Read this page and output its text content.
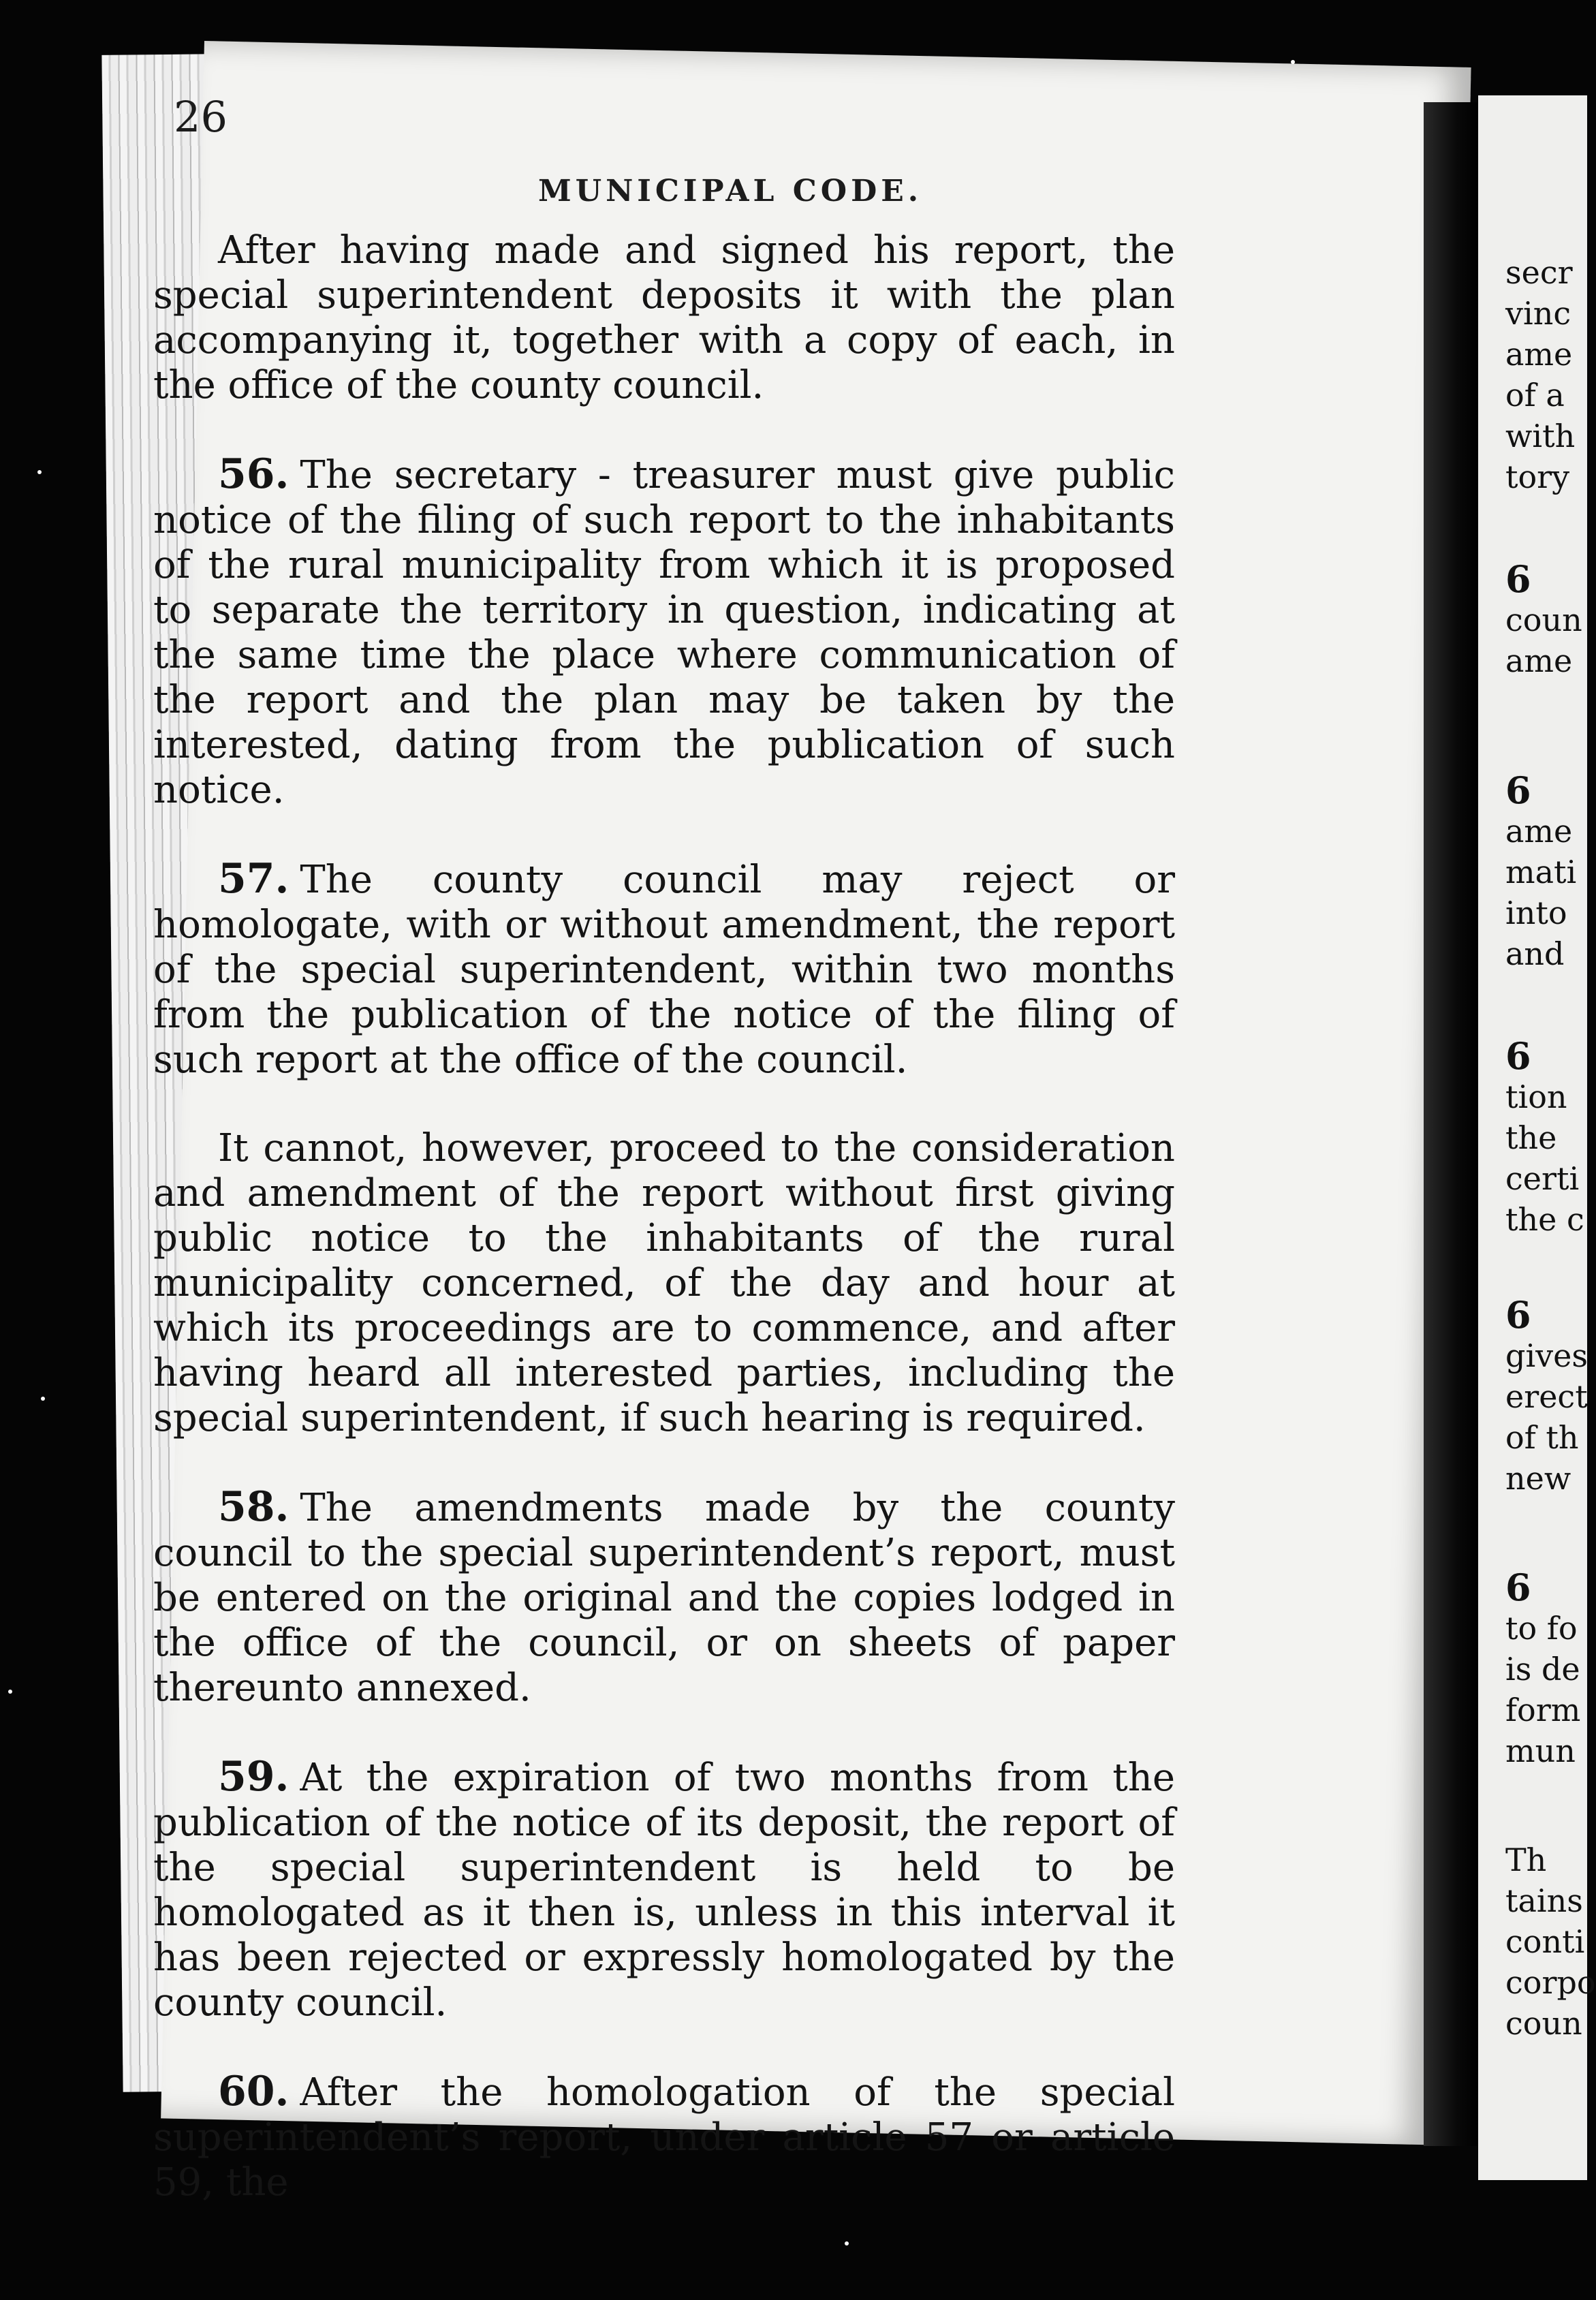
secr
vinc
ame
of a
with
tory
6
coun
ame
6
ame
mati
into
and
6
tion
the
certi
the c
6
gives
erect
of th
new
6
to fo
is de
form
mun
Th
tains
conti
corpo
coun
26
MUNICIPAL CODE.

After having made and signed his report, the special superintendent deposits it with the plan accompanying it, together with a copy of each, in the office of the county council.

56. The secretary - treasurer must give public notice of the filing of such report to the inhabitants of the rural municipality from which it is proposed to separate the territory in question, indicating at the same time the place where communication of the report and the plan may be taken by the interested, dating from the publication of such notice.

57. The county council may reject or homologate, with or without amendment, the report of the special superintendent, within two months from the publication of the notice of the filing of such report at the office of the council.

It cannot, however, proceed to the consideration and amendment of the report without first giving public notice to the inhabitants of the rural municipality concerned, of the day and hour at which its proceedings are to commence, and after having heard all interested parties, including the special superintendent, if such hearing is required.

58. The amendments made by the county council to the special superintendent’s report, must be entered on the original and the copies lodged in the office of the council, or on sheets of paper thereunto annexed.

59. At the expiration of two months from the publication of the notice of its deposit, the report of the special superintendent is held to be homologated as it then is, unless in this interval it has been rejected or expressly homologated by the county council.

60. After the homologation of the special superintendent’s report, under article 57 or article 59, the
